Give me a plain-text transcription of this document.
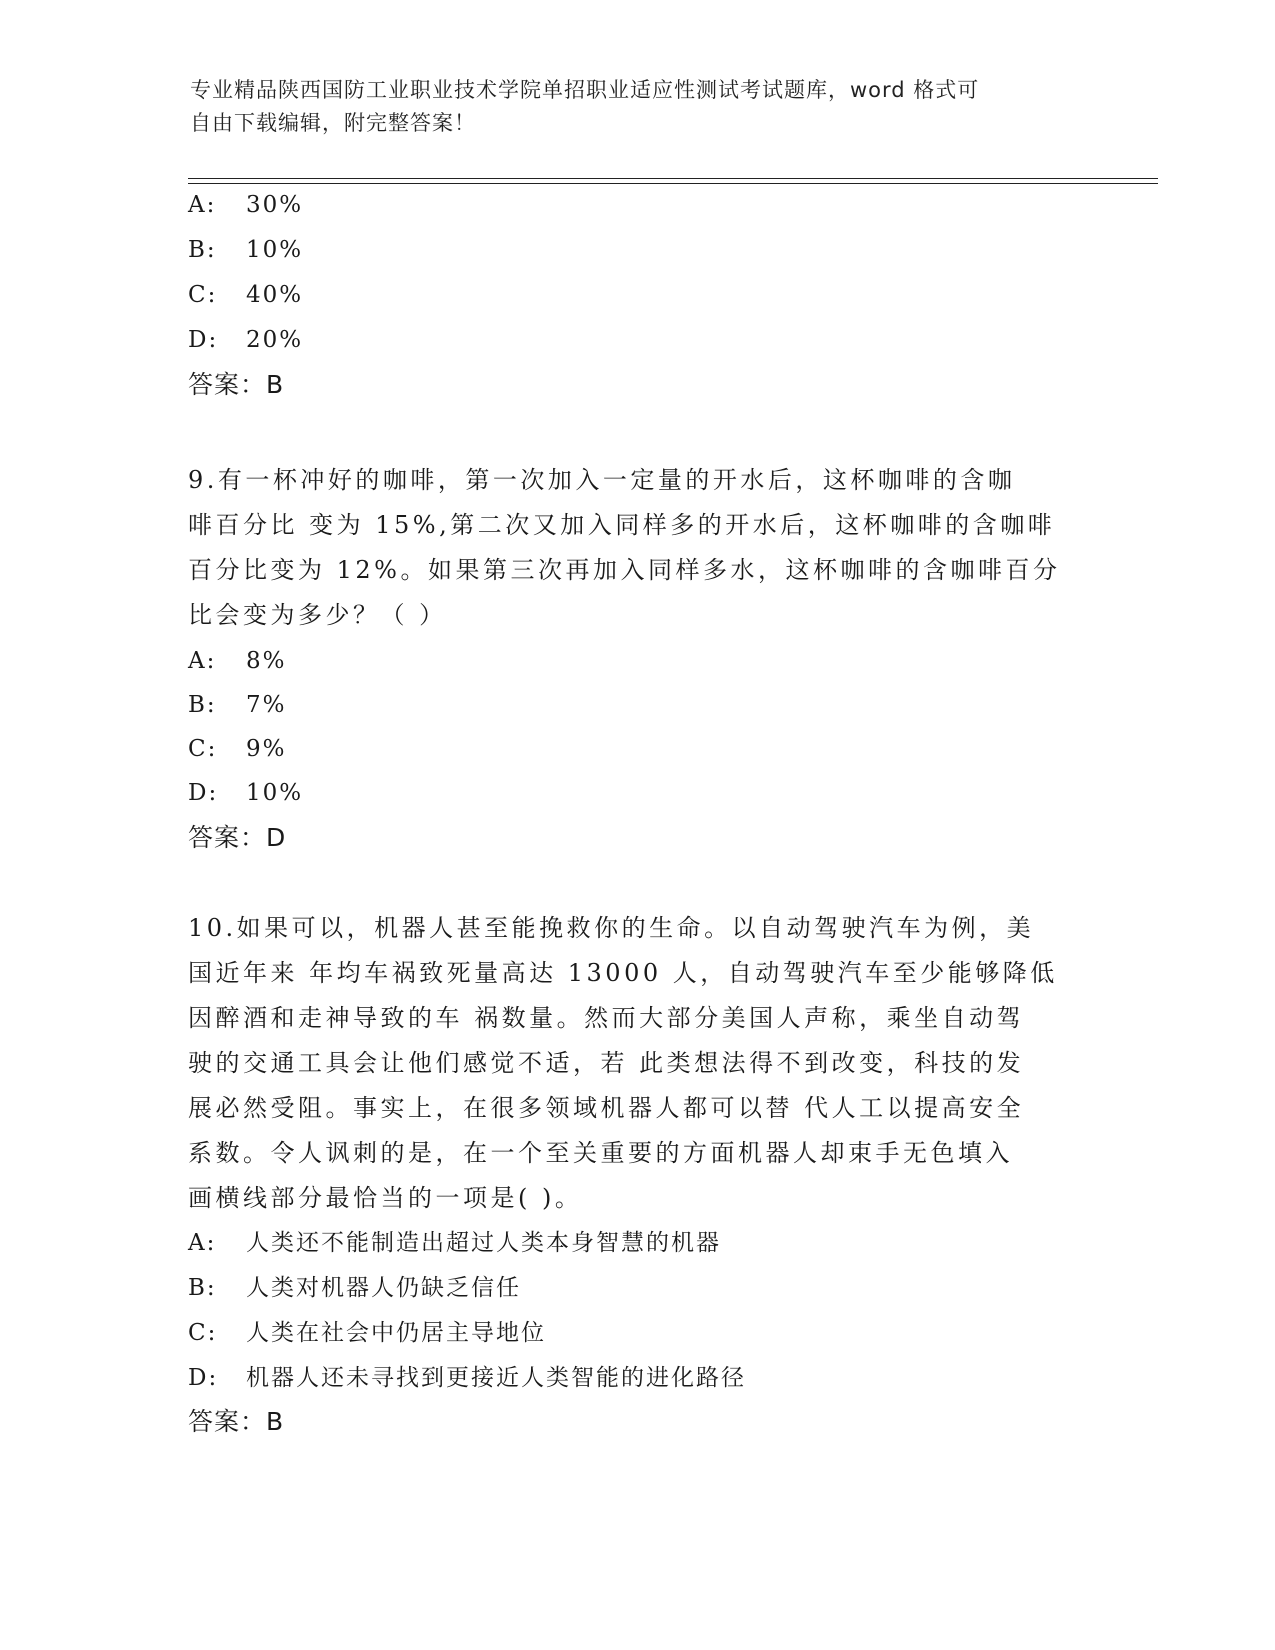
专业精品陕西国防工业职业技术学院单招职业适应性测试考试题库，word 格式可
自由下载编辑，附完整答案！
A: 30%
B: 10%
C: 40%
D: 20%
答案：B
9.有一杯冲好的咖啡，第一次加入一定量的开水后，这杯咖啡的含咖
啡百分比 变为 15%,第二次又加入同样多的开水后，这杯咖啡的含咖啡
百分比变为 12%。如果第三次再加入同样多水，这杯咖啡的含咖啡百分
比会变为多少？（ ）
A: 8%
B: 7%
C: 9%
D: 10%
答案：D
10.如果可以，机器人甚至能挽救你的生命。以自动驾驶汽车为例，美
国近年来 年均车祸致死量高达 13000 人，自动驾驶汽车至少能够降低
因醉酒和走神导致的车 祸数量。然而大部分美国人声称，乘坐自动驾
驶的交通工具会让他们感觉不适，若 此类想法得不到改变，科技的发
展必然受阻。事实上，在很多领域机器人都可以替 代人工以提高安全
系数。令人讽刺的是，在一个至关重要的方面机器人却束手无色填入
画横线部分最恰当的一项是( )。
A: 人类还不能制造出超过人类本身智慧的机器
B: 人类对机器人仍缺乏信任
C: 人类在社会中仍居主导地位
D: 机器人还未寻找到更接近人类智能的进化路径
答案：B
